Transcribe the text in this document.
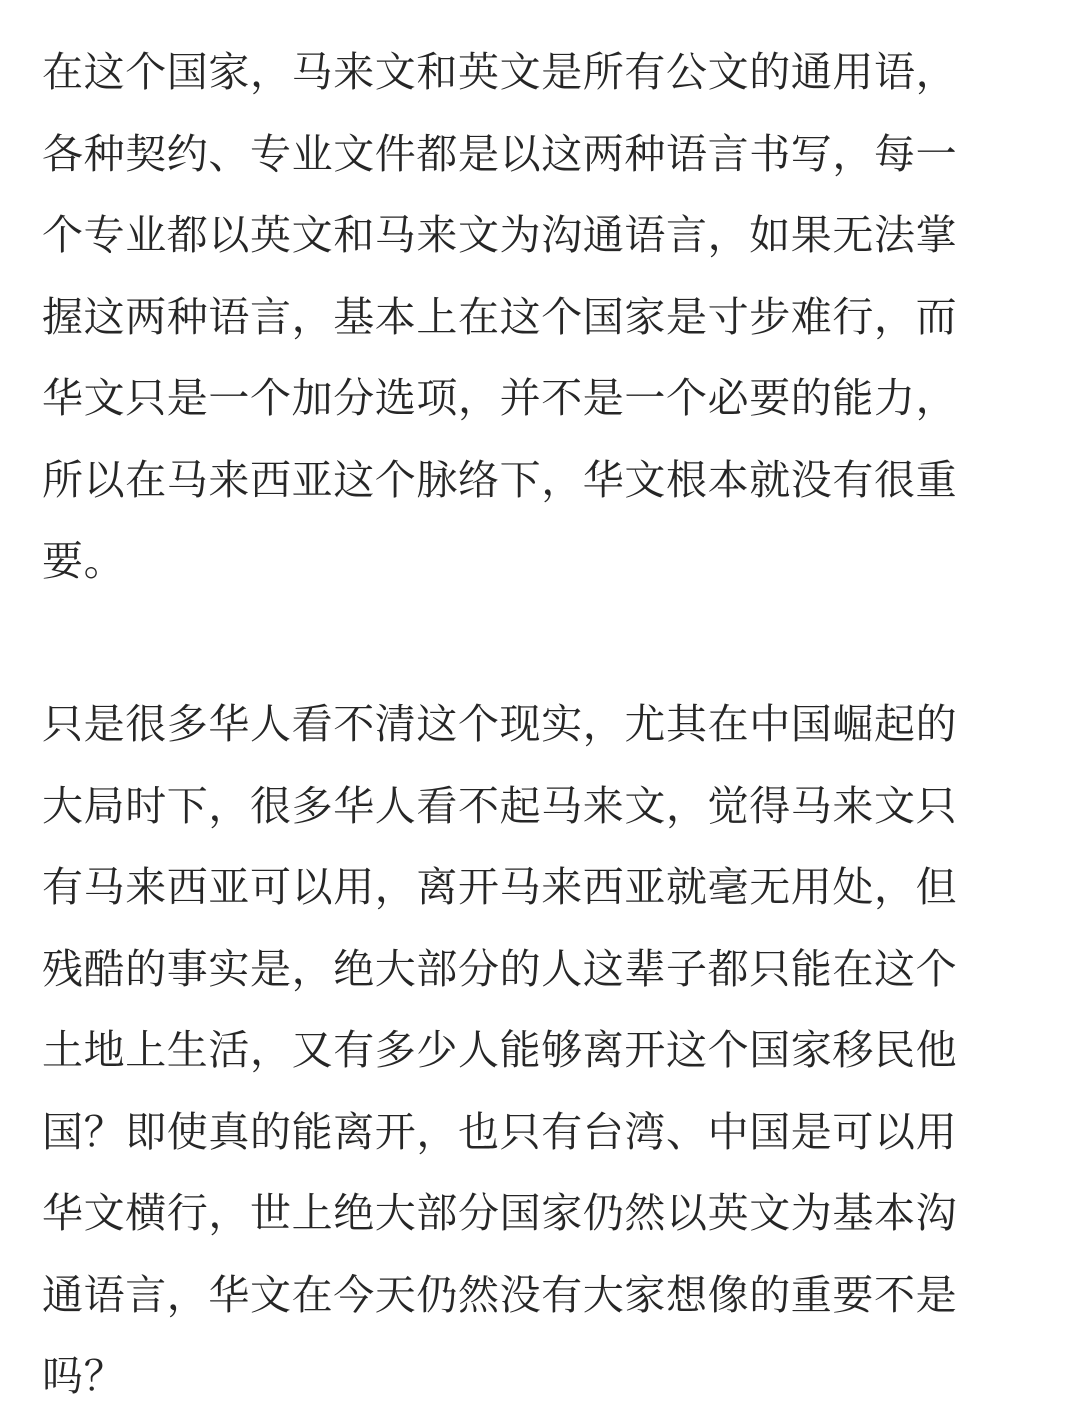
在这个国家，马来文和英文是所有公文的通用语，
各种契约、专业文件都是以这两种语言书写，每一
个专业都以英文和马来文为沟通语言，如果无法掌
握这两种语言，基本上在这个国家是寸步难行，而
华文只是一个加分选项，并不是一个必要的能力，
所以在马来西亚这个脉络下，华文根本就没有很重
要。

只是很多华人看不清这个现实，尤其在中国崛起的
大局时下，很多华人看不起马来文，觉得马来文只
有马来西亚可以用，离开马来西亚就毫无用处，但
残酷的事实是，绝大部分的人这辈子都只能在这个
土地上生活，又有多少人能够离开这个国家移民他
国？即使真的能离开，也只有台湾、中国是可以用
华文横行，世上绝大部分国家仍然以英文为基本沟
通语言，华文在今天仍然没有大家想像的重要不是
吗？
